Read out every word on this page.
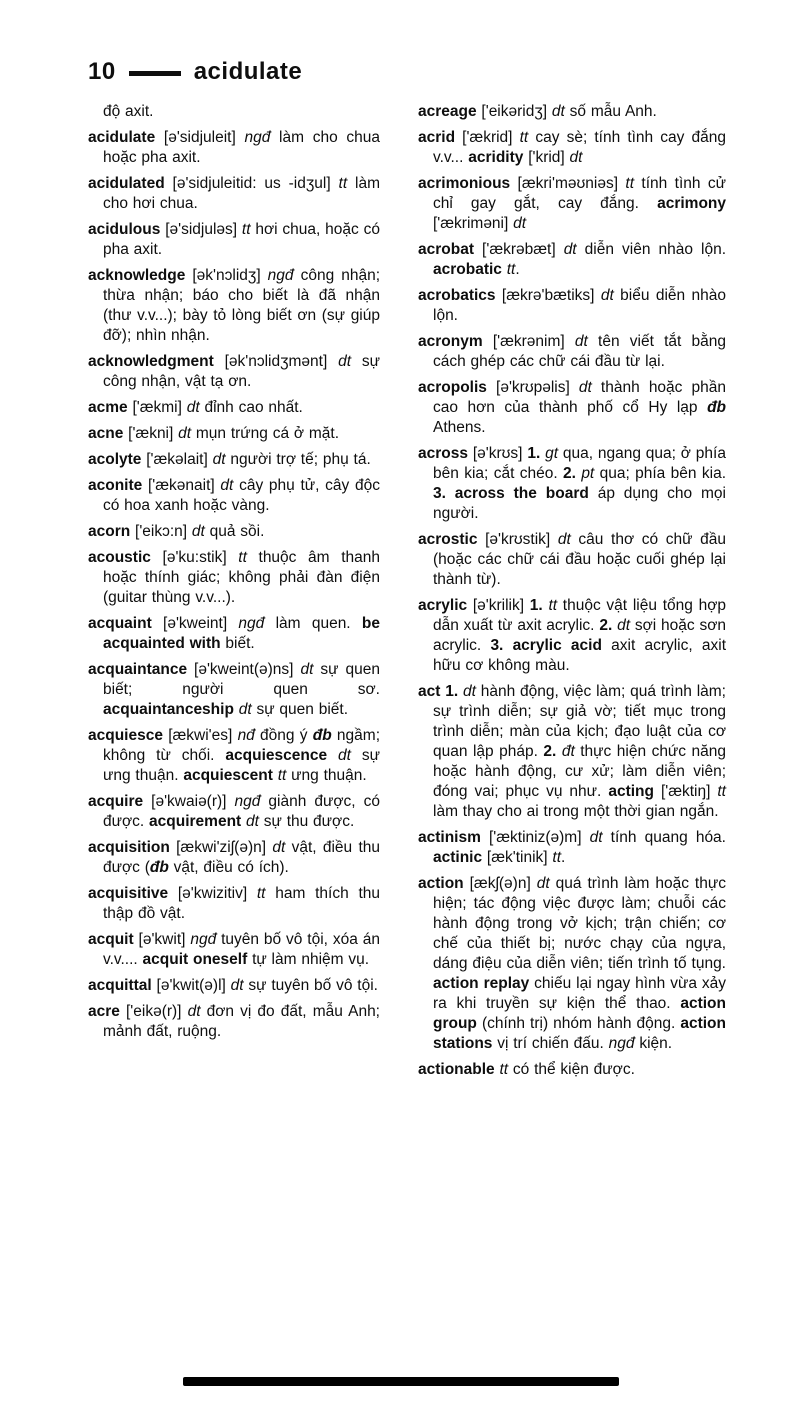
10	acidulate

độ axit.

acidulate [ə'sidjuleit] ngđ làm cho chua hoặc pha axit.

acidulated [ə'sidjuleitid: us -idʒul] tt làm cho hơi chua.

acidulous [ə'sidjuləs] tt hơi chua, hoặc có pha axit.

acknowledge [ək'nɔlidʒ] ngđ công nhận; thừa nhận; báo cho biết là đã nhận (thư v.v...); bày tỏ lòng biết ơn (sự giúp đỡ); nhìn nhận.

acknowledgment [ək'nɔlidʒmənt] dt sự công nhận, vật tạ ơn.

acme ['ækmi] dt đỉnh cao nhất.

acne ['ækni] dt mụn trứng cá ở mặt.

acolyte ['ækəlait] dt người trợ tế; phụ tá.

aconite ['ækənait] dt cây phụ tử, cây độc có hoa xanh hoặc vàng.

acorn ['eikɔ:n] dt quả sồi.

acoustic [ə'ku:stik] tt thuộc âm thanh hoặc thính giác; không phải đàn điện (guitar thùng v.v...).

acquaint [ə'kweint] ngđ làm quen. be acquainted with biết.

acquaintance [ə'kweint(ə)ns] dt sự quen biết; người quen sơ. acquaintanceship dt sự quen biết.

acquiesce [ækwi'es] nđ đồng ý đb ngầm; không từ chối. acquiescence dt sự ưng thuận. acquiescent tt ưng thuận.

acquire [ə'kwaiə(r)] ngđ giành được, có được. acquirement dt sự thu được.

acquisition [ækwi'ziʃ(ə)n] dt vật, điều thu được (đb vật, điều có ích).

acquisitive [ə'kwizitiv] tt ham thích thu thập đồ vật.

acquit [ə'kwit] ngđ tuyên bố vô tội, xóa án v.v.... acquit oneself tự làm nhiệm vụ.

acquittal [ə'kwit(ə)l] dt sự tuyên bố vô tội.

acre ['eikə(r)] dt đơn vị đo đất, mẫu Anh; mảnh đất, ruộng.

acreage ['eikəridʒ] dt số mẫu Anh.

acrid ['ækrid] tt cay sè; tính tình cay đắng v.v... acridity ['krid] dt

acrimonious [ækri'məʊniəs] tt tính tình cử chỉ gay gắt, cay đắng. acrimony ['ækriməni] dt

acrobat ['ækrəbæt] dt diễn viên nhào lộn. acrobatic tt.

acrobatics [ækrə'bætiks] dt biểu diễn nhào lộn.

acronym ['ækrənim] dt tên viết tắt bằng cách ghép các chữ cái đầu từ lại.

acropolis [ə'krʊpəlis] dt thành hoặc phần cao hơn của thành phố cổ Hy lạp đb Athens.

across [ə'krʊs] 1. gt qua, ngang qua; ở phía bên kia; cắt chéo. 2. pt qua; phía bên kia. 3. across the board áp dụng cho mọi người.

acrostic [ə'krʊstik] dt câu thơ có chữ đầu (hoặc các chữ cái đầu hoặc cuối ghép lại thành từ).

acrylic [ə'krilik] 1. tt thuộc vật liệu tổng hợp dẫn xuất từ axit acrylic. 2. dt sợi hoặc sơn acrylic. 3. acrylic acid axit acrylic, axit hữu cơ không màu.

act 1. dt hành động, việc làm; quá trình làm; sự trình diễn; sự giả vờ; tiết mục trong trình diễn; màn của kịch; đạo luật của cơ quan lập pháp. 2. đt thực hiện chức năng hoặc hành động, cư xử; làm diễn viên; đóng vai; phục vụ như. acting ['æktiŋ] tt làm thay cho ai trong một thời gian ngắn.

actinism ['æktiniz(ə)m] dt tính quang hóa. actinic [æk'tinik] tt.

action [ækʃ(ə)n] dt quá trình làm hoặc thực hiện; tác động việc được làm; chuỗi các hành động trong vở kịch; trận chiến; cơ chế của thiết bị; nước chạy của ngựa, dáng điệu của diễn viên; tiến trình tố tụng. action replay chiếu lại ngay hình vừa xảy ra khi truyền sự kiện thể thao. action group (chính trị) nhóm hành động. action stations vị trí chiến đấu. ngđ kiện.

actionable tt có thể kiện được.
